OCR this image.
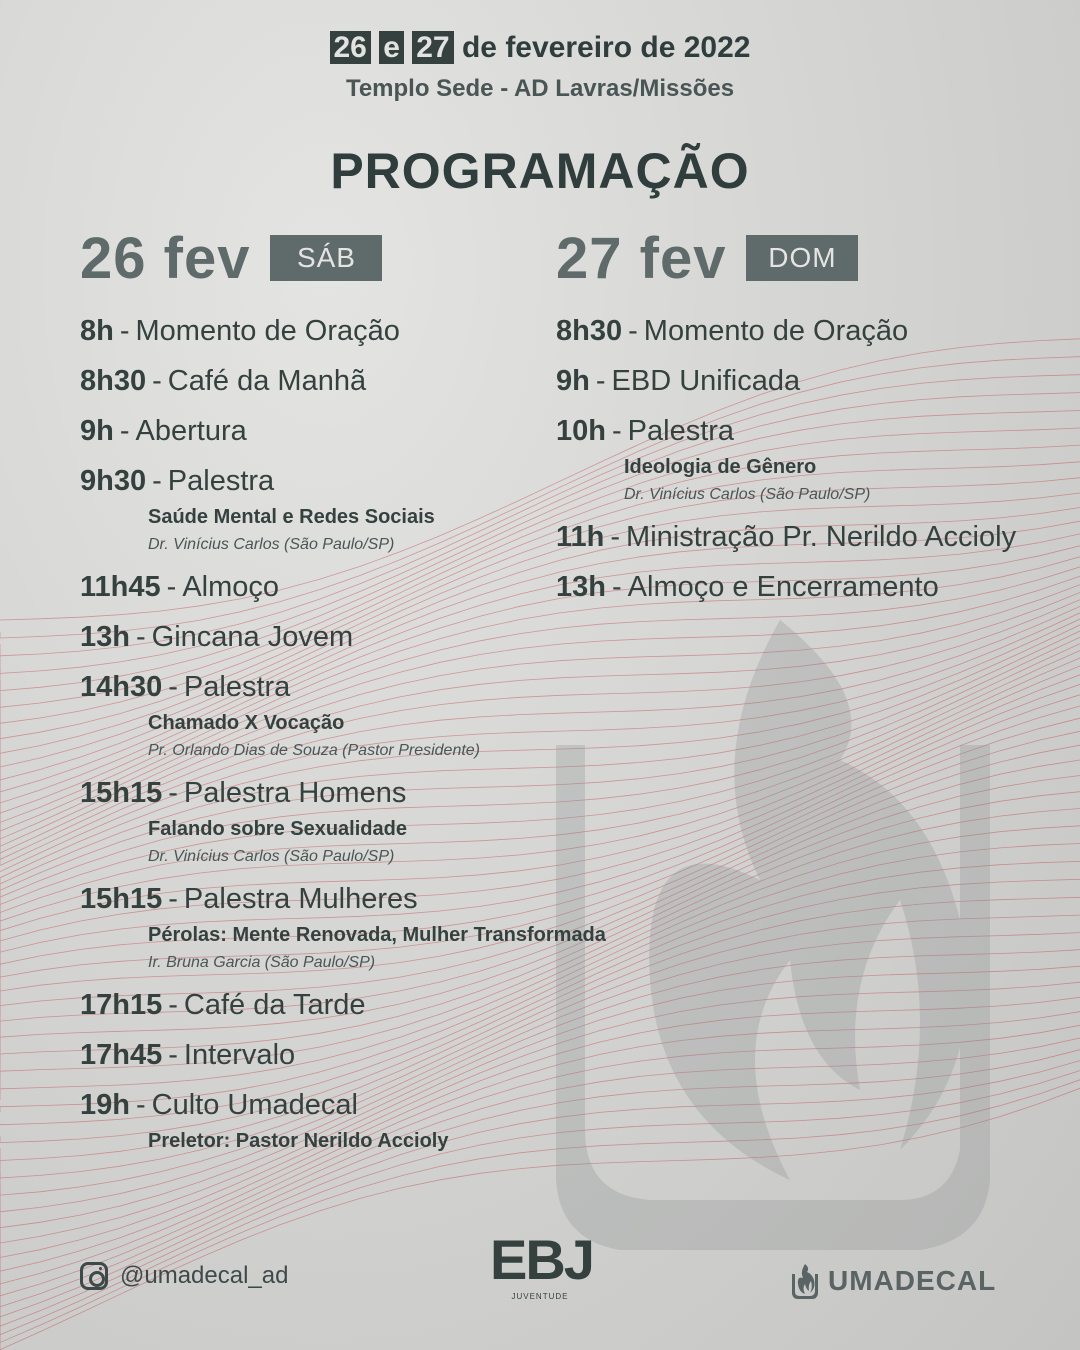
26 e 27 de fevereiro de 2022
Templo Sede - AD Lavras/Missões
PROGRAMAÇÃO
26 fev	SÁB	27 fev	DOM
8h - Momento de Oração
8h30 - Café da Manhã
9h - Abertura
9h30 - Palestra
Saúde Mental e Redes Sociais
Dr. Vinícius Carlos (São Paulo/SP)
11h45 - Almoço
13h - Gincana Jovem
14h30 - Palestra
Chamado X Vocação
Pr. Orlando Dias de Souza (Pastor Presidente)
15h15 - Palestra Homens
Falando sobre Sexualidade
Dr. Vinícius Carlos (São Paulo/SP)
15h15 - Palestra Mulheres
Pérolas: Mente Renovada, Mulher Transformada
Ir. Bruna Garcia (São Paulo/SP)
17h15 - Café da Tarde
17h45 - Intervalo
19h - Culto Umadecal
Preletor: Pastor Nerildo Accioly
8h30 - Momento de Oração
9h - EBD Unificada
10h - Palestra
Ideologia de Gênero
Dr. Vinícius Carlos (São Paulo/SP)
11h - Ministração Pr. Nerildo Accioly
13h - Almoço e Encerramento
@umadecal_ad	EBJ
JUVENTUDE
UMADECAL
